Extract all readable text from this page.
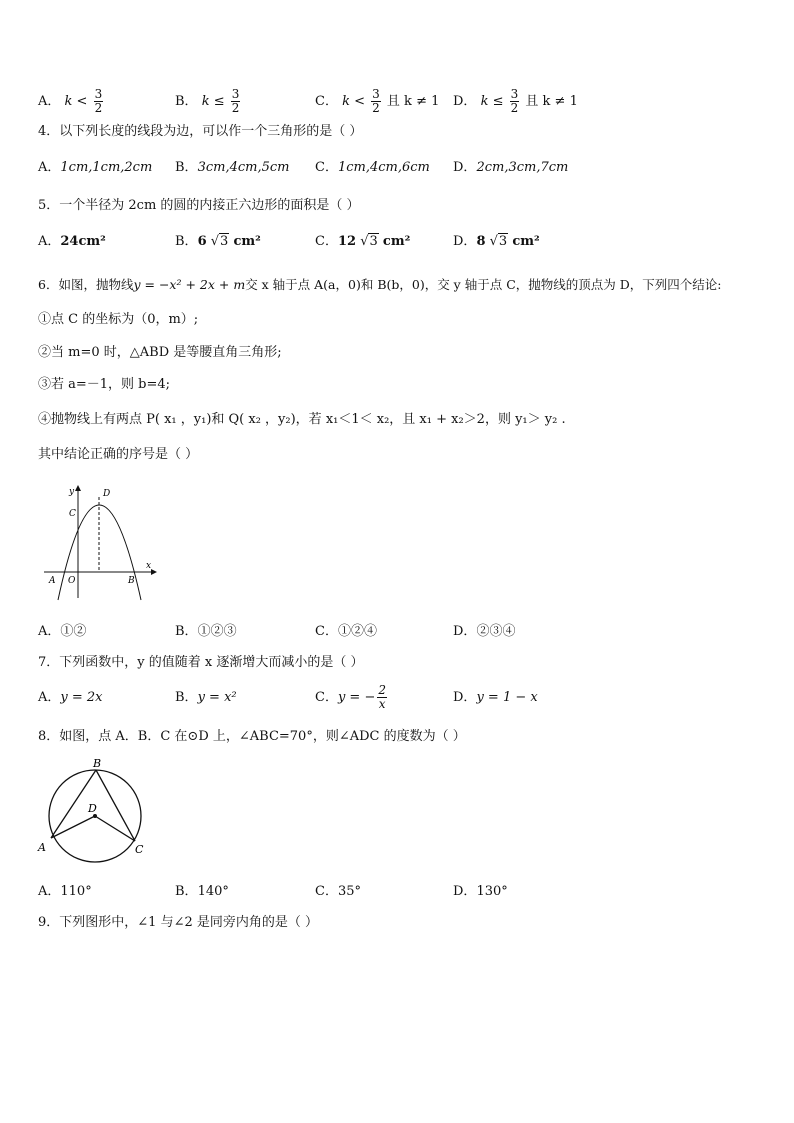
A． $k < \frac{3}{2}$	B． $k \le \frac{3}{2}$	C． $k < \frac{3}{2}$ 且 k ≠ 1 D． $k \le \frac{3}{2}$ 且 k ≠ 1
4．以下列长度的线段为边，可以作一个三角形的是（ ）
A．1cm,1cm,2cm B．3cm,4cm,5cm C．1cm,4cm,6cm D．2cm,3cm,7cm
5．一个半径为 2cm 的圆的内接正六边形的面积是（ ）
A．24cm²	B．6 √3 cm²	C．12 √3 cm²	D．8 √3 cm²
6．如图，抛物线y = −x² + 2x + m交 x 轴于点 A(a，0)和 B(b，0)，交 y 轴于点 C，抛物线的顶点为 D，下列四个结论:
①点 C 的坐标为（0，m）;
②当 m=0 时，△ABD 是等腰直角三角形;
③若 a=－1，则 b=4;
④抛物线上有两点 P( x₁ ，y₁)和 Q( x₂ ，y₂)，若 x₁＜1＜ x₂，且 x₁ + x₂＞2，则 y₁＞ y₂ .
其中结论正确的序号是（ ）
y	D
C
x
A O	B
A．①②	B．①②③	C．①②④	D．②③④
7．下列函数中，y 的值随着 x 逐渐增大而减小的是（ ）
A．y = 2x	B．y = x²	C．y = − $\frac{2}{x}$	D．y = 1 − x
8．如图，点 A．B．C 在⊙D 上，∠ABC=70°，则∠ADC 的度数为（ ）
B
D
A	C
A．110°	B．140°	C．35°	D．130°
9．下列图形中，∠1 与∠2 是同旁内角的是（ ）
